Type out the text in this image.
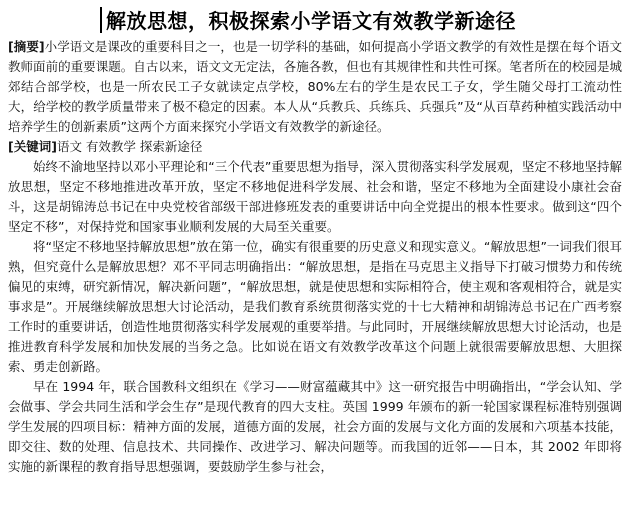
解放思想，积极探索小学语文有效教学新途径

[摘要]小学语文是课改的重要科目之一，也是一切学科的基础，如何提高小学语文教学的有效性是摆在每个语文教师面前的重要课题。自古以来，语文文无定法，各施各教，但也有其规律性和共性可探。笔者所在的校园是城郊结合部学校，也是一所农民工子女就读定点学校，80%左右的学生是农民工子女，学生随父母打工流动性大，给学校的教学质量带来了极不稳定的因素。本人从“兵教兵、兵练兵、兵强兵”及“从百草药种植实践活动中培养学生的创新素质”这两个方面来探究小学语文有效教学的新途径。

[关键词]语文 有效教学 探索新途径

始终不渝地坚持以邓小平理论和“三个代表”重要思想为指导，深入贯彻落实科学发展观，坚定不移地坚持解放思想，坚定不移地推进改革开放，坚定不移地促进科学发展、社会和谐，坚定不移地为全面建设小康社会奋斗，这是胡锦涛总书记在中央党校省部级干部进修班发表的重要讲话中向全党提出的根本性要求。做到这“四个坚定不移”，对保持党和国家事业顺利发展的大局至关重要。

将“坚定不移地坚持解放思想”放在第一位，确实有很重要的历史意义和现实意义。“解放思想”一词我们很耳熟，但究竟什么是解放思想？邓不平同志明确指出：“解放思想，是指在马克思主义指导下打破习惯势力和传统偏见的束缚，研究新情况，解决新问题”，“解放思想，就是使思想和实际相符合，使主观和客观相符合，就是实事求是”。开展继续解放思想大讨论活动，是我们教育系统贯彻落实党的十七大精神和胡锦涛总书记在广西考察工作时的重要讲话，创造性地贯彻落实科学发展观的重要举措。与此同时，开展继续解放思想大讨论活动，也是推进教育科学发展和加快发展的当务之急。比如说在语文有效教学改革这个问题上就很需要解放思想、大胆探索、勇走创新路。

早在 1994 年，联合国教科文组织在《学习——财富蕴藏其中》这一研究报告中明确指出，“学会认知、学会做事、学会共同生活和学会生存”是现代教育的四大支柱。英国 1999 年颁布的新一轮国家课程标准特别强调学生发展的四项目标：精神方面的发展，道德方面的发展，社会方面的发展与文化方面的发展和六项基本技能，即交往、数的处理、信息技术、共同操作、改进学习、解决问题等。而我国的近邻——日本，其 2002 年即将实施的新课程的教育指导思想强调，要鼓励学生参与社会，
